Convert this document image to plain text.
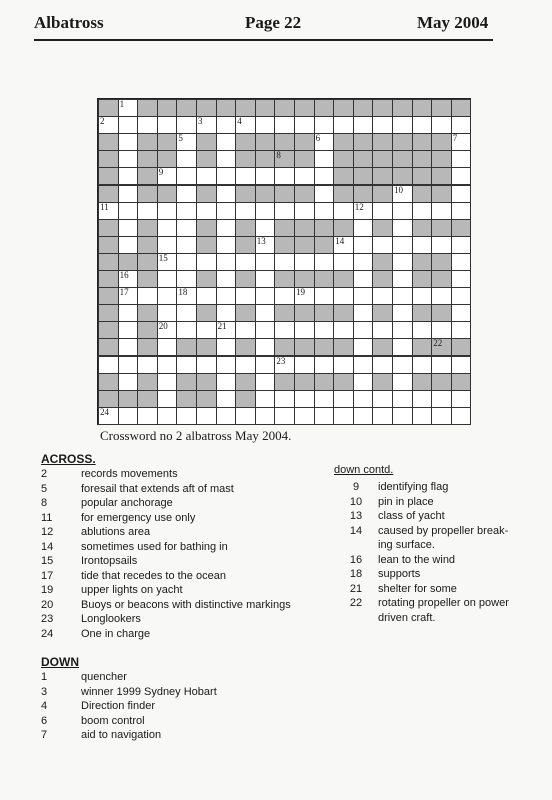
Albatross	Page 22	May 2004
1
2	3	4
5	6	7
8
9
10
11	12
13	14
15
16
17	18	19
20	21
22
23
24
Crossword no 2 albatross May 2004.
ACROSS.
2	records movements
5	foresail that extends aft of mast
8	popular anchorage
11	for emergency use only
12	ablutions area
14	sometimes used for bathing in
15	Irontopsails
17	tide that recedes to the ocean
19	upper lights on yacht
20	Buoys or beacons with distinctive markings
23	Longlookers
24	One in charge
DOWN
1	quencher
3	winner 1999 Sydney Hobart
4	Direction finder
6	boom control
7	aid to navigation
down contd.
9	identifying flag
10	pin in place
13	class of yacht
14	caused by propeller break-ing surface.
16	lean to the wind
18	supports
21	shelter for some
22	rotating propeller on power driven craft.
